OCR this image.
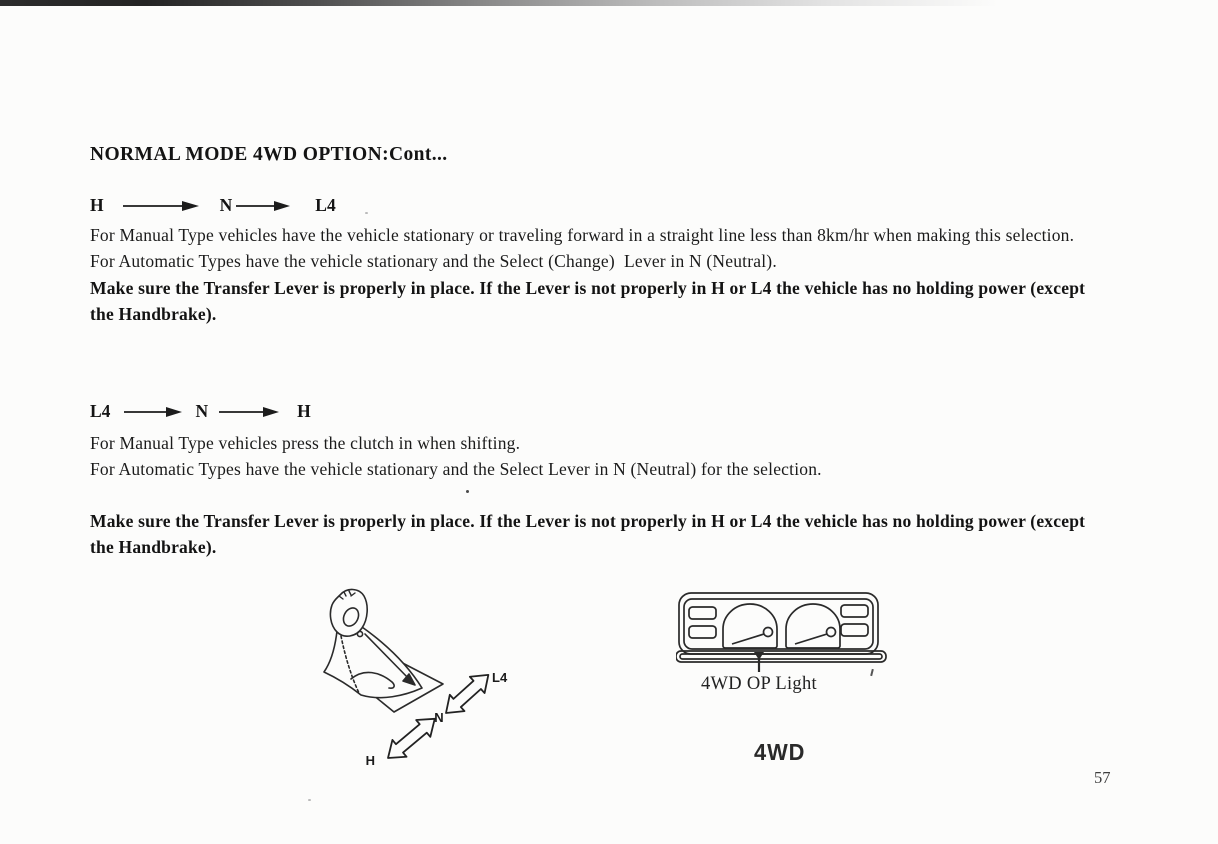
NORMAL MODE 4WD OPTION:Cont...
H	N	L4
For Manual Type vehicles have the vehicle stationary or traveling forward in a straight line less than 8km/hr when making this selection.
For Automatic Types have the vehicle stationary and the Select (Change)  Lever in N (Neutral).
Make sure the Transfer Lever is properly in place. If the Lever is not properly in H or L4 the vehicle has no holding power (except the Handbrake).
L4	N	H
For Manual Type vehicles press the clutch in when shifting.
For Automatic Types have the vehicle stationary and the Select Lever in N (Neutral) for the selection.
Make sure the Transfer Lever is properly in place. If the Lever is not properly in H or L4 the vehicle has no holding power (except the Handbrake).
H
N
L4	4WD OP Light
4WD
57
